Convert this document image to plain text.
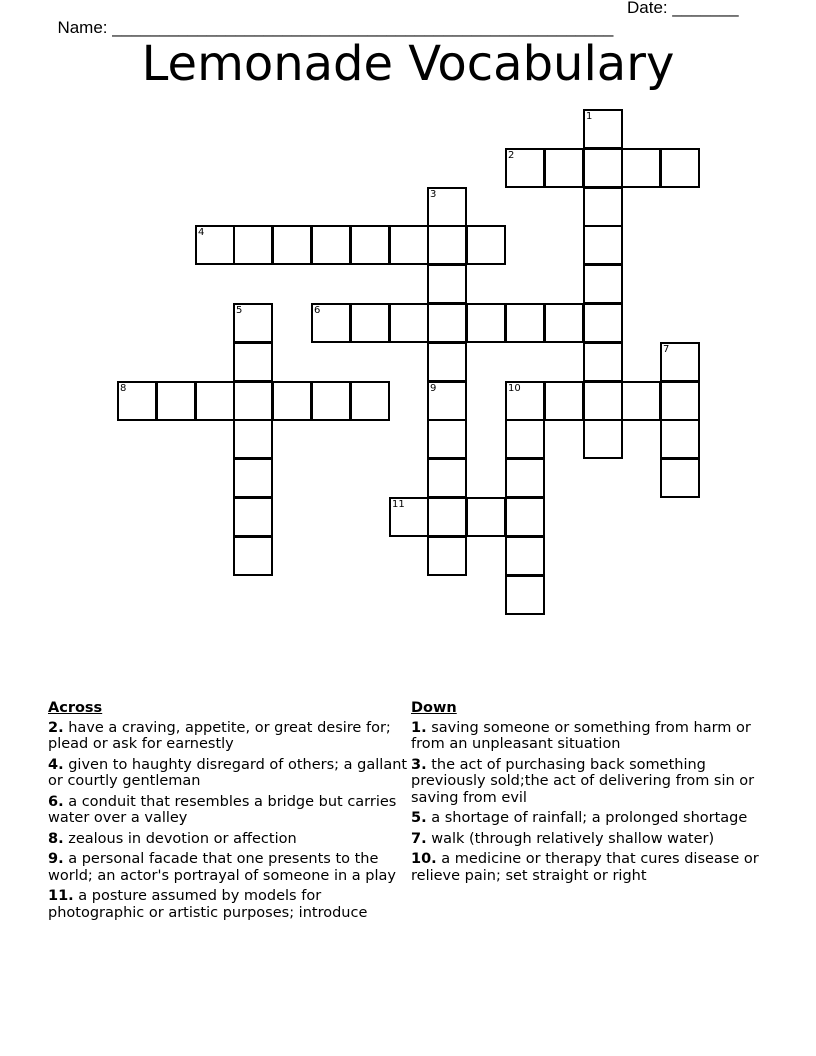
Name: _____________________________________________________

Date: _______

Lemonade Vocabulary
1
2
3
9
4
5	6
7
8	10
11
Across
2. have a craving, appetite, or great desire for; plead or ask for earnestly
4. given to haughty disregard of others; a gallant or courtly gentleman
6. a conduit that resembles a bridge but carries water over a valley
8. zealous in devotion or affection
9. a personal facade that one presents to the world; an actor's portrayal of someone in a play
11. a posture assumed by models for photographic or artistic purposes; introduce
Down
1. saving someone or something from harm or from an unpleasant situation
3. the act of purchasing back something previously sold;the act of delivering from sin or saving from evil
5. a shortage of rainfall; a prolonged shortage
7. walk (through relatively shallow water)
10. a medicine or therapy that cures disease or relieve pain; set straight or right
